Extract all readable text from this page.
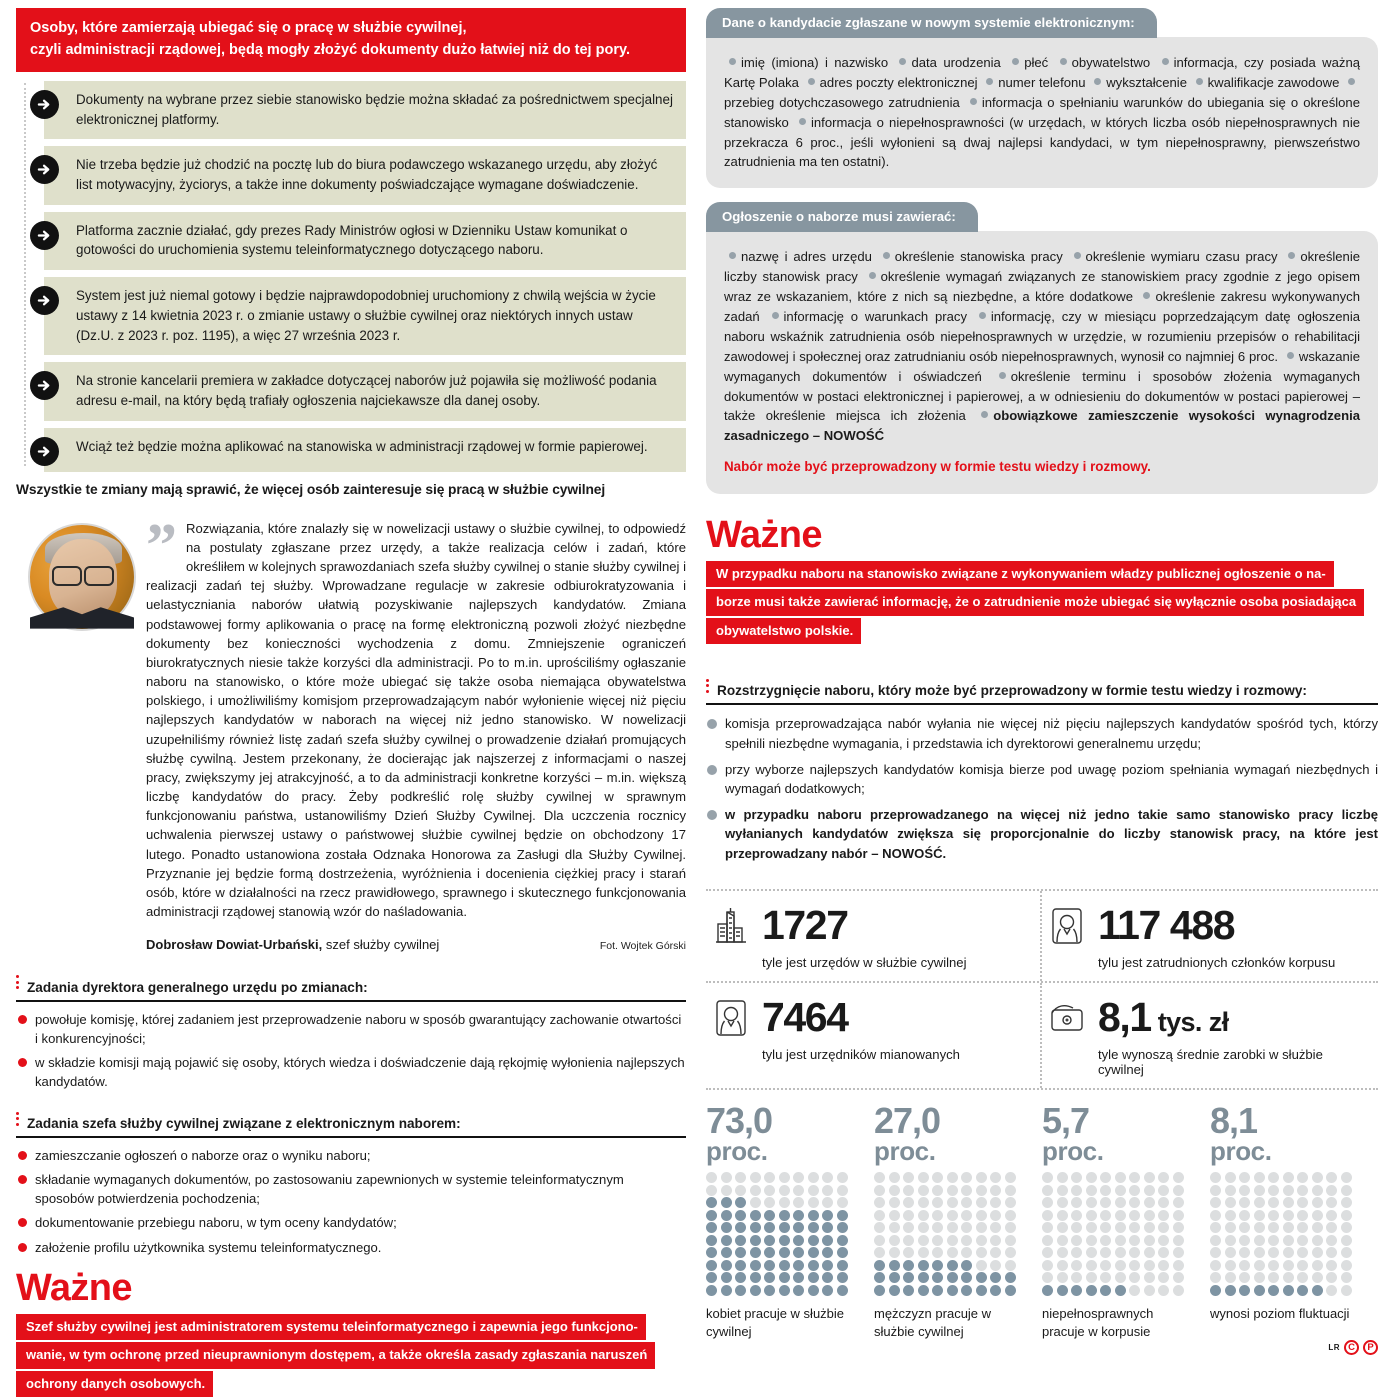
Osoby, które zamierzają ubiegać się o pracę w służbie cywilnej,
czyli administracji rządowej, będą mogły złożyć dokumenty dużo łatwiej niż do tej pory.
Dokumenty na wybrane przez siebie stanowisko będzie można składać za pośrednictwem specjalnej elektronicznej platformy.
Nie trzeba będzie już chodzić na pocztę lub do biura podawczego wskazanego urzędu, aby złożyć list motywacyjny, życiorys, a także inne dokumenty poświadczające wymagane doświadczenie.
Platforma zacznie działać, gdy prezes Rady Ministrów ogłosi w Dzienniku Ustaw komunikat o gotowości do uruchomienia systemu teleinformatycznego dotyczącego naboru.
System jest już niemal gotowy i będzie najprawdopodobniej uruchomiony z chwilą wejścia w życie ustawy z 14 kwietnia 2023 r. o zmianie ustawy o służbie cywilnej oraz niektórych innych ustaw (Dz.U. z 2023 r. poz. 1195), a więc 27 września 2023 r.
Na stronie kancelarii premiera w zakładce dotyczącej naborów już pojawiła się możliwość podania adresu e-mail, na który będą trafiały ogłoszenia najciekawsze dla danej osoby.
Wciąż też będzie można aplikować na stanowiska w administracji rządowej w formie papierowej.
Wszystkie te zmiany mają sprawić, że więcej osób zainteresuje się pracą w służbie cywilnej
” Rozwiązania, które znalazły się w nowelizacji ustawy o służbie cywilnej, to odpowiedź na postulaty zgłaszane przez urzędy, a także realizacja celów i zadań, które określiłem w kolejnych sprawozdaniach szefa służby cywilnej o stanie służby cywilnej i realizacji zadań tej służby. Wprowadzane regulacje w zakresie odbiurokratyzowania i uelastyczniania naborów ułatwią pozyskiwanie najlepszych kandydatów. Zmiana podstawowej formy aplikowania o pracę na formę elektroniczną pozwoli złożyć niezbędne dokumenty bez konieczności wychodzenia z domu. Zmniejszenie ograniczeń biurokratycznych niesie także korzyści dla administracji. Po to m.in. uprościliśmy ogłaszanie naboru na stanowisko, o które może ubiegać się także osoba niemająca obywatelstwa polskiego, i umożliwiliśmy komisjom przeprowadzającym nabór wyłonienie więcej niż pięciu najlepszych kandydatów w naborach na więcej niż jedno stanowisko. W nowelizacji uzupełniliśmy również listę zadań szefa służby cywilnej o prowadzenie działań promujących służbę cywilną. Jestem przekonany, że docierając jak najszerzej z informacjami o naszej pracy, zwiększymy jej atrakcyjność, a to da administracji konkretne korzyści – m.in. większą liczbę kandydatów do pracy. Żeby podkreślić rolę służby cywilnej w sprawnym funkcjonowaniu państwa, ustanowiliśmy Dzień Służby Cywilnej. Dla uczczenia rocznicy uchwalenia pierwszej ustawy o państwowej służbie cywilnej będzie on obchodzony 17 lutego. Ponadto ustanowiona została Odznaka Honorowa za Zasługi dla Służby Cywilnej. Przyznanie jej będzie formą dostrzeżenia, wyróżnienia i docenienia ciężkiej pracy i starań osób, które w działalności na rzecz prawidłowego, sprawnego i skutecznego funkcjonowania administracji rządowej stanowią wzór do naśladowania.
Dobrosław Dowiat-Urbański, szef służby cywilnej	Fot. Wojtek Górski
Zadania dyrektora generalnego urzędu po zmianach:
powołuje komisję, której zadaniem jest przeprowadzenie naboru w sposób gwarantujący zachowanie otwartości i konkurencyjności;
w składzie komisji mają pojawić się osoby, których wiedza i doświadczenie dają rękojmię wyłonienia najlepszych kandydatów.
Zadania szefa służby cywilnej związane z elektronicznym naborem:
zamieszczanie ogłoszeń o naborze oraz o wyniku naboru;
składanie wymaganych dokumentów, po zastosowaniu zapewnionych w systemie teleinformatycznym sposobów potwierdzenia pochodzenia;
dokumentowanie przebiegu naboru, w tym oceny kandydatów;
założenie profilu użytkownika systemu teleinformatycznego.
Ważne
Szef służby cywilnej jest administratorem systemu teleinformatycznego i zapewnia jego funkcjono- wanie, w tym ochronę przed nieuprawnionym dostępem, a także określa zasady zgłaszania naruszeń ochrony danych osobowych.
Dane o kandydacie zgłaszane w nowym systemie elektronicznym:
imię (imiona) i nazwisko data urodzenia płeć obywatelstwo informacja, czy posiada ważną Kartę Polaka adres poczty elektronicznej numer telefonu wykształcenie kwalifikacje zawodowe przebieg dotychczasowego zatrudnienia informacja o spełnianiu warunków do ubiegania się o określone stanowisko informacja o niepełnosprawności (w urzędach, w których liczba osób niepełnosprawnych nie przekracza 6 proc., jeśli wyłonieni są dwaj najlepsi kandydaci, w tym niepełnosprawny, pierwszeństwo zatrudnienia ma ten ostatni).
Ogłoszenie o naborze musi zawierać:
nazwę i adres urzędu określenie stanowiska pracy określenie wymiaru czasu pracy określenie liczby stanowisk pracy określenie wymagań związanych ze stanowiskiem pracy zgodnie z jego opisem wraz ze wskazaniem, które z nich są niezbędne, a które dodatkowe określenie zakresu wykonywanych zadań informację o warunkach pracy informację, czy w miesiącu poprzedzającym datę ogłoszenia naboru wskaźnik zatrudnienia osób niepełnosprawnych w urzędzie, w rozumieniu przepisów o rehabilitacji zawodowej i społecznej oraz zatrudnianiu osób niepełnosprawnych, wynosił co najmniej 6 proc. wskazanie wymaganych dokumentów i oświadczeń określenie terminu i sposobów złożenia wymaganych dokumentów w postaci elektronicznej i papierowej, a w odniesieniu do dokumentów w postaci papierowej – także określenie miejsca ich złożenia obowiązkowe zamieszczenie wysokości wynagrodzenia zasadniczego – NOWOŚĆ
Nabór może być przeprowadzony w formie testu wiedzy i rozmowy.
Ważne
W przypadku naboru na stanowisko związane z wykonywaniem władzy publicznej ogłoszenie o na- borze musi także zawierać informację, że o zatrudnienie może ubiegać się wyłącznie osoba posiadająca obywatelstwo polskie.
Rozstrzygnięcie naboru, który może być przeprowadzony w formie testu wiedzy i rozmowy:
komisja przeprowadzająca nabór wyłania nie więcej niż pięciu najlepszych kandydatów spośród tych, którzy spełnili niezbędne wymagania, i przedstawia ich dyrektorowi generalnemu urzędu;
przy wyborze najlepszych kandydatów komisja bierze pod uwagę poziom spełniania wymagań niezbędnych i wymagań dodatkowych;
w przypadku naboru przeprowadzanego na więcej niż jedno takie samo stanowisko pracy liczbę wyłanianych kandydatów zwiększa się proporcjonalnie do liczby stanowisk pracy, na które jest przeprowadzany nabór – NOWOŚĆ.
1727
tyle jest urzędów w służbie cywilnej
117 488
tylu jest zatrudnionych członków korpusu
7464
tylu jest urzędników mianowanych
8,1 tys. zł
tyle wynoszą średnie zarobki w służbie cywilnej
73,0
proc.
kobiet pracuje w służbie cywilnej
27,0
proc.
mężczyzn pracuje w służbie cywilnej
5,7
proc.
niepełnosprawnych pracuje w korpusie
8,1
proc.
wynosi poziom fluktuacji
LR C	P
